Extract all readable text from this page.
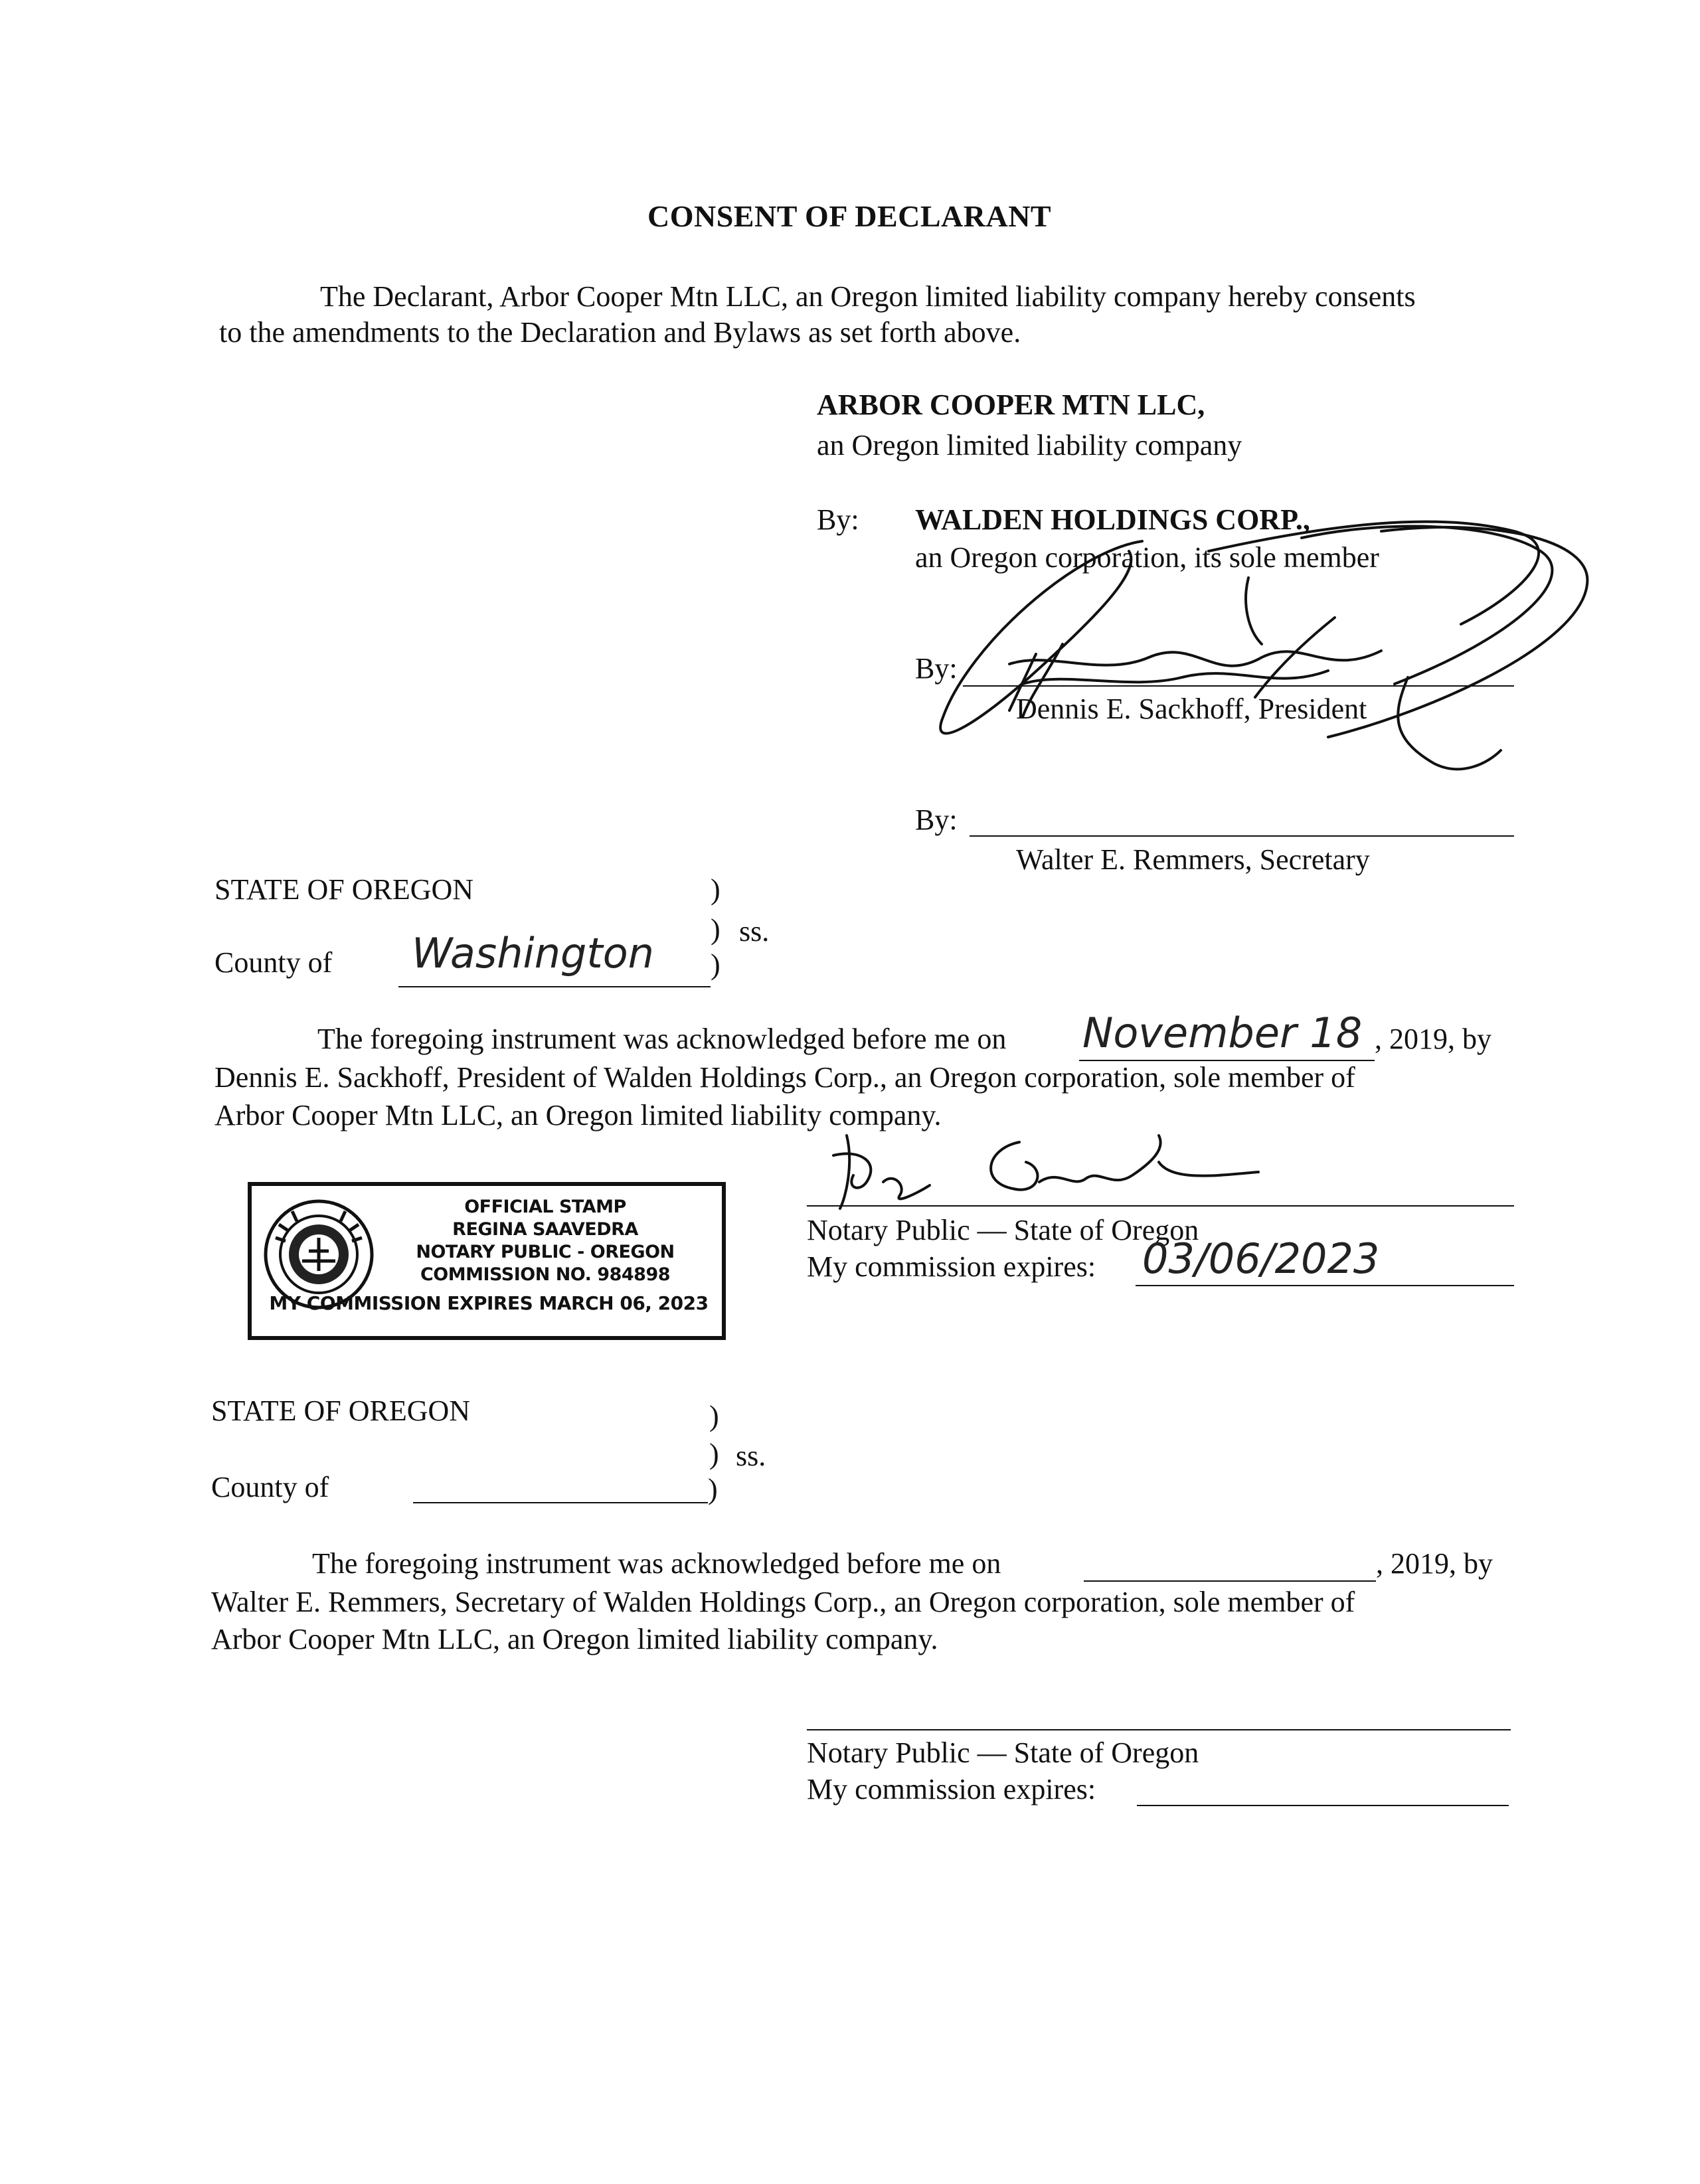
CONSENT OF DECLARANT
The Declarant, Arbor Cooper Mtn LLC, an Oregon limited liability company hereby consents
to the amendments to the Declaration and Bylaws as set forth above.
ARBOR COOPER MTN LLC,
an Oregon limited liability company
By: WALDEN HOLDINGS CORP.,
an Oregon corporation, its sole member
By:
Dennis E. Sackhoff, President
By:
Walter E. Remmers, Secretary
STATE OF OREGON	)
) ss.
County of Washington )
The foregoing instrument was acknowledged before me on November 18 , 2019, by
Dennis E. Sackhoff, President of Walden Holdings Corp., an Oregon corporation, sole member of
Arbor Cooper Mtn LLC, an Oregon limited liability company.
Notary Public — State of Oregon
My commission expires: 03/06/2023
OFFICIAL STAMP
REGINA SAAVEDRA
NOTARY PUBLIC - OREGON
COMMISSION NO. 984898
MY COMMISSION EXPIRES MARCH 06, 2023
STATE OF OREGON	)
) ss.
County of	)
The foregoing instrument was acknowledged before me on	, 2019, by
Walter E. Remmers, Secretary of Walden Holdings Corp., an Oregon corporation, sole member of
Arbor Cooper Mtn LLC, an Oregon limited liability company.
Notary Public — State of Oregon
My commission expires:
